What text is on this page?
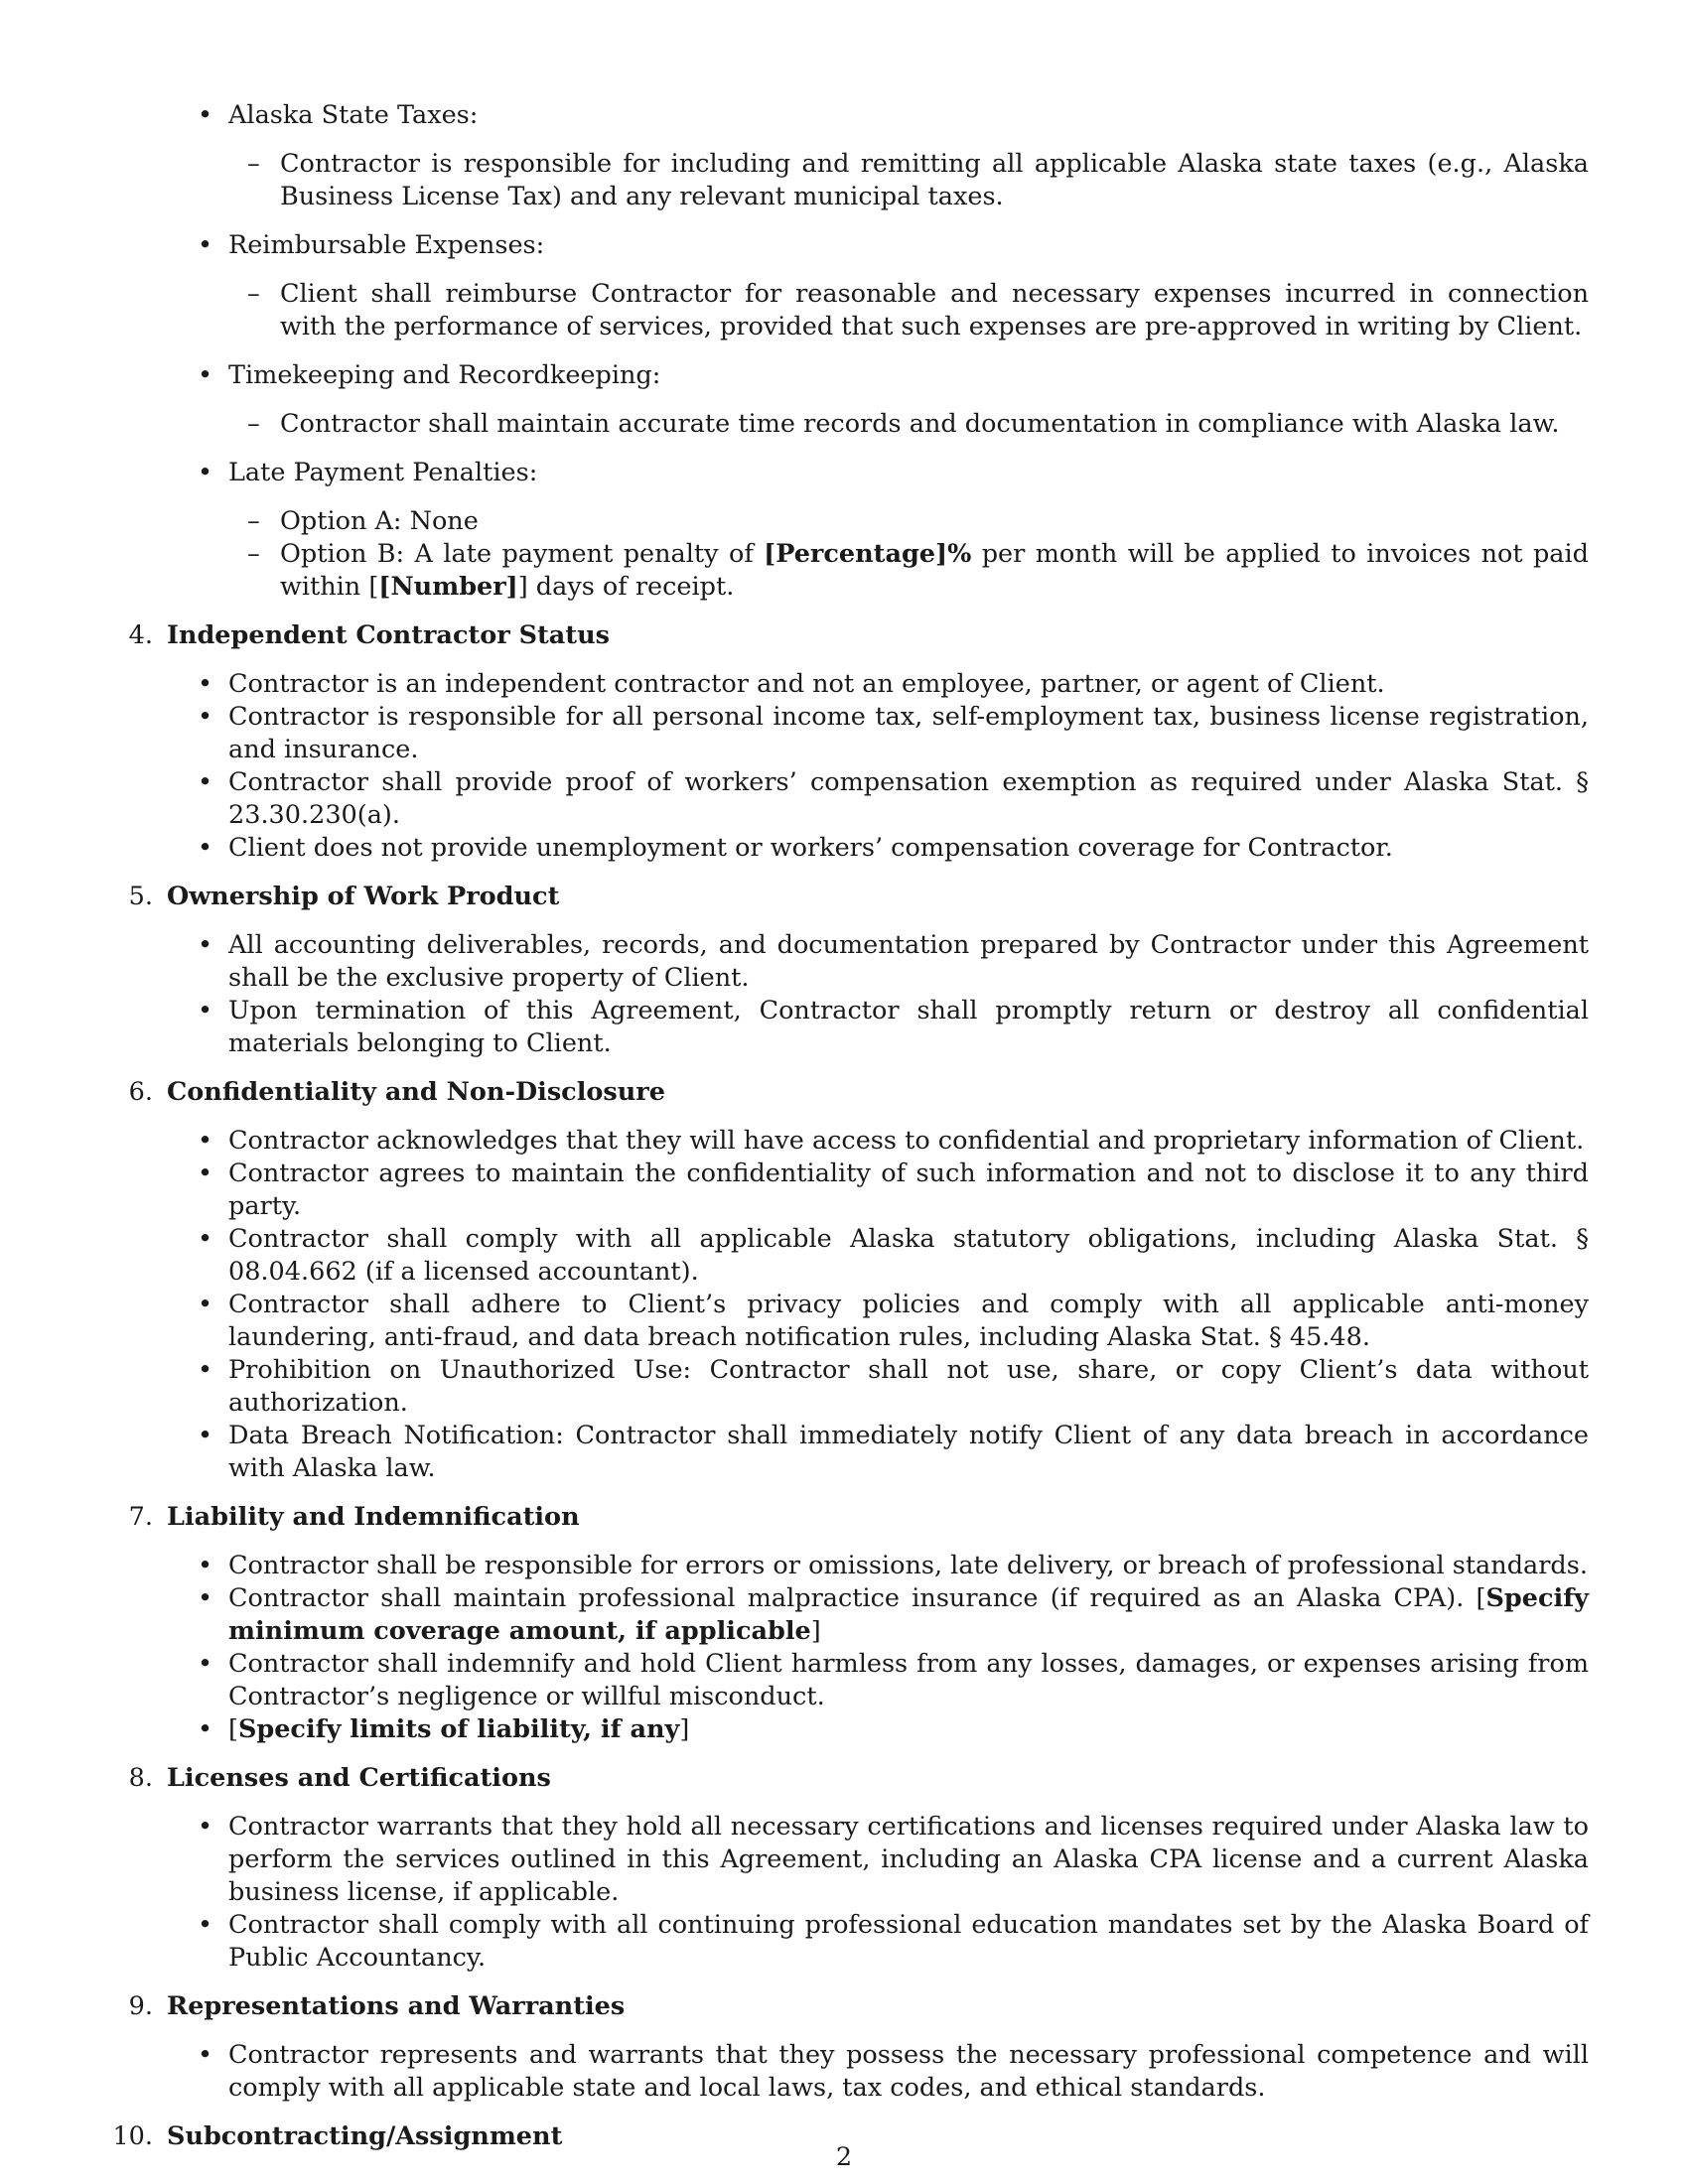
• Alaska State Taxes:
– Contractor is responsible for including and remitting all applicable Alaska state taxes (e.g., Alaska Business License Tax) and any relevant municipal taxes.
• Reimbursable Expenses:
– Client shall reimburse Contractor for reasonable and necessary expenses incurred in connection with the performance of services, provided that such expenses are pre-approved in writing by Client.
• Timekeeping and Recordkeeping:
– Contractor shall maintain accurate time records and documentation in compliance with Alaska law.
• Late Payment Penalties:
– Option A: None
– Option B: A late payment penalty of [Percentage]% per month will be applied to invoices not paid within [[Number]] days of receipt.
4. Independent Contractor Status
• Contractor is an independent contractor and not an employee, partner, or agent of Client.
• Contractor is responsible for all personal income tax, self-employment tax, business license registration, and insurance.
• Contractor shall provide proof of workers’ compensation exemption as required under Alaska Stat. § 23.30.230(a).
• Client does not provide unemployment or workers’ compensation coverage for Contractor.
5. Ownership of Work Product
• All accounting deliverables, records, and documentation prepared by Contractor under this Agreement shall be the exclusive property of Client.
• Upon termination of this Agreement, Contractor shall promptly return or destroy all confidential materials belonging to Client.
6. Confidentiality and Non-Disclosure
• Contractor acknowledges that they will have access to confidential and proprietary information of Client.
• Contractor agrees to maintain the confidentiality of such information and not to disclose it to any third party.
• Contractor shall comply with all applicable Alaska statutory obligations, including Alaska Stat. § 08.04.662 (if a licensed accountant).
• Contractor shall adhere to Client’s privacy policies and comply with all applicable anti-money laundering, anti-fraud, and data breach notification rules, including Alaska Stat. § 45.48.
• Prohibition on Unauthorized Use: Contractor shall not use, share, or copy Client’s data without authorization.
• Data Breach Notification: Contractor shall immediately notify Client of any data breach in accordance with Alaska law.
7. Liability and Indemnification
• Contractor shall be responsible for errors or omissions, late delivery, or breach of professional standards.
• Contractor shall maintain professional malpractice insurance (if required as an Alaska CPA). [Specify minimum coverage amount, if applicable]
• Contractor shall indemnify and hold Client harmless from any losses, damages, or expenses arising from Contractor’s negligence or willful misconduct.
• [Specify limits of liability, if any]
8. Licenses and Certifications
• Contractor warrants that they hold all necessary certifications and licenses required under Alaska law to perform the services outlined in this Agreement, including an Alaska CPA license and a current Alaska business license, if applicable.
• Contractor shall comply with all continuing professional education mandates set by the Alaska Board of Public Accountancy.
9. Representations and Warranties
• Contractor represents and warrants that they possess the necessary professional competence and will comply with all applicable state and local laws, tax codes, and ethical standards.
10. Subcontracting/Assignment
2
